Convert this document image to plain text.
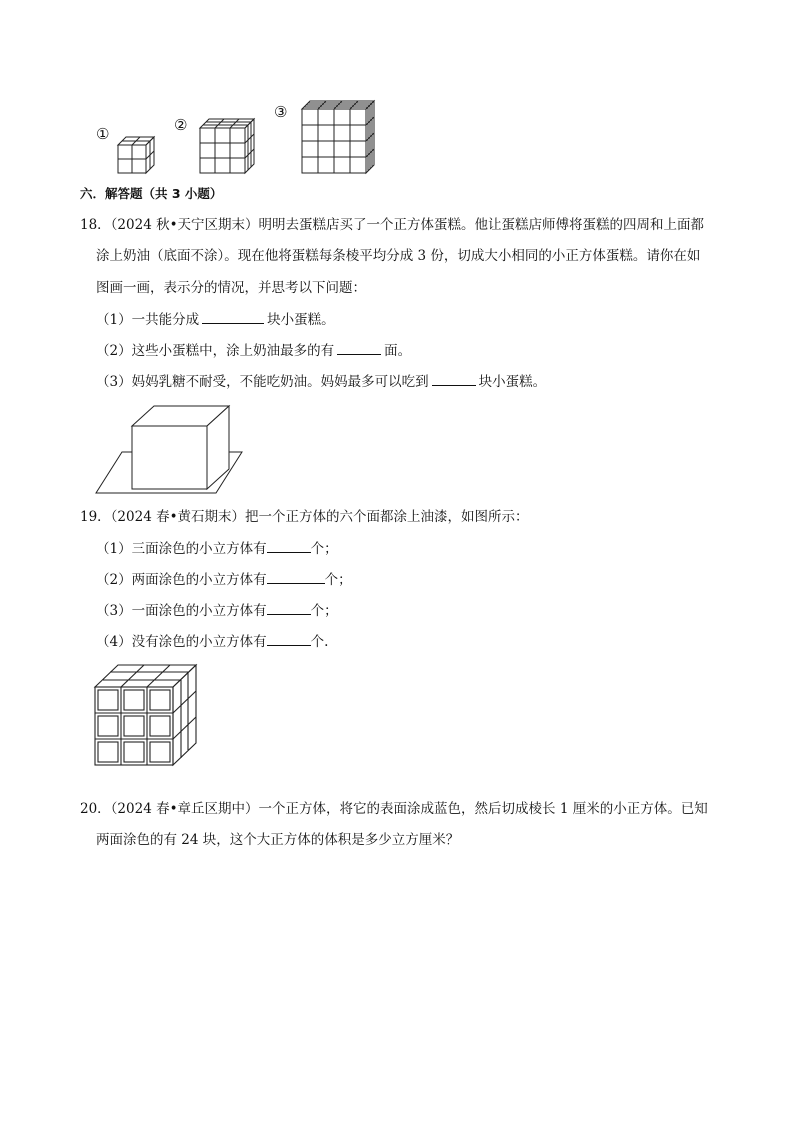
①	②
③
六．解答题（共 3 小题）
18．（2024 秋•天宁区期末）明明去蛋糕店买了一个正方体蛋糕。他让蛋糕店师傅将蛋糕的四周和上面都
涂上奶油（底面不涂）。现在他将蛋糕每条棱平均分成 3 份，切成大小相同的小正方体蛋糕。请你在如
图画一画，表示分的情况，并思考以下问题：
（1）一共能分成	块小蛋糕。
（2）这些小蛋糕中，涂上奶油最多的有	面。
（3）妈妈乳糖不耐受，不能吃奶油。妈妈最多可以吃到	块小蛋糕。
19．（2024 春•黄石期末）把一个正方体的六个面都涂上油漆，如图所示：
（1）三面涂色的小立方体有	个；
（2）两面涂色的小立方体有	个；
（3）一面涂色的小立方体有	个；
（4）没有涂色的小立方体有	个.
20．（2024 春•章丘区期中）一个正方体，将它的表面涂成蓝色，然后切成棱长 1 厘米的小正方体。已知
两面涂色的有 24 块，这个大正方体的体积是多少立方厘米？
